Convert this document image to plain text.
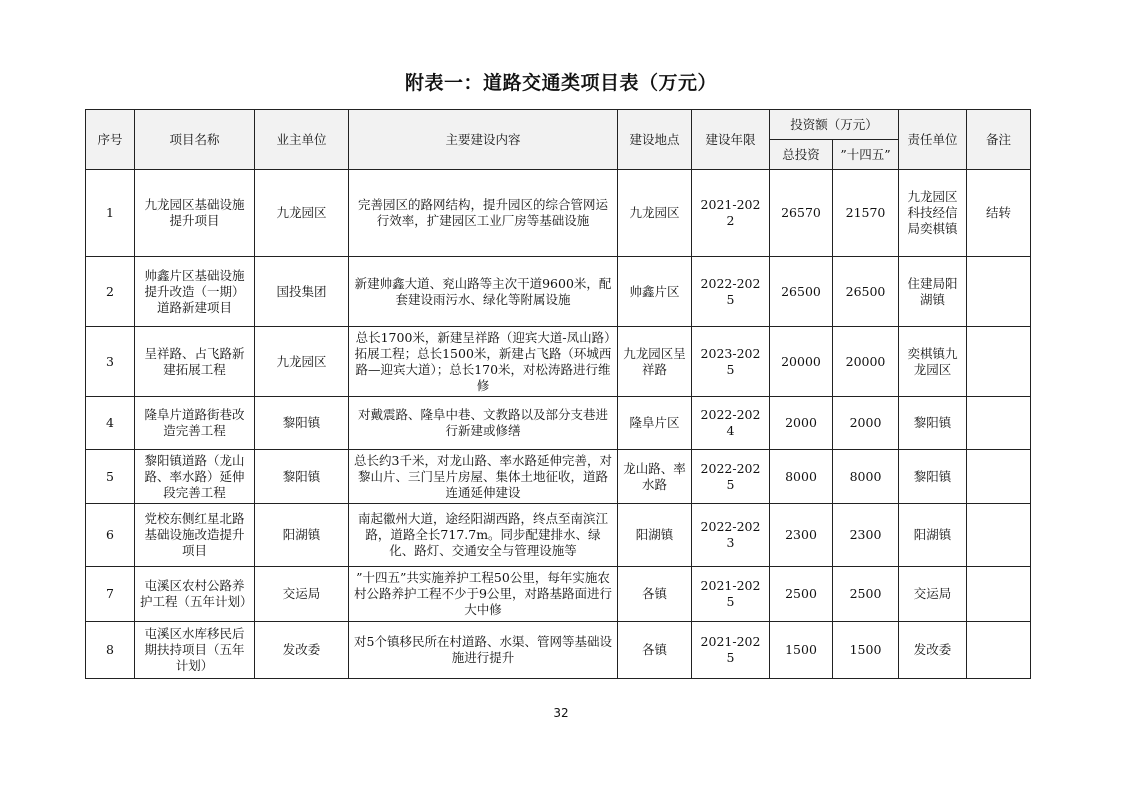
附表一：道路交通类项目表（万元）
序号	项目名称	业主单位	主要建设内容	建设地点	建设年限	投资额（万元）		责任单位	备注
						总投资	”十四五”		
1	九龙园区基础设施提升项目	九龙园区	完善园区的路网结构，提升园区的综合管网运行效率，扩建园区工业厂房等基础设施	九龙园区	2021-2022	26570	21570	九龙园区科技经信局奕棋镇	结转
2	帅鑫片区基础设施提升改造（一期）道路新建项目	国投集团	新建帅鑫大道、兖山路等主次干道9600米，配套建设雨污水、绿化等附属设施	帅鑫片区	2022-2025	26500	26500	住建局阳湖镇	
3	呈祥路、占飞路新建拓展工程	九龙园区	总长1700米，新建呈祥路（迎宾大道-凤山路）拓展工程；总长1500米，新建占飞路（环城西路—迎宾大道）；总长170米，对松涛路进行维修	九龙园区呈祥路	2023-2025	20000	20000	奕棋镇九龙园区	
4	隆阜片道路街巷改造完善工程	黎阳镇	对戴震路、隆阜中巷、文教路以及部分支巷进行新建或修缮	隆阜片区	2022-2024	2000	2000	黎阳镇	
5	黎阳镇道路（龙山路、率水路）延伸段完善工程	黎阳镇	总长约3千米，对龙山路、率水路延伸完善，对黎山片、三门呈片房屋、集体土地征收，道路连通延伸建设	龙山路、率水路	2022-2025	8000	8000	黎阳镇	
6	党校东侧红星北路基础设施改造提升项目	阳湖镇	南起徽州大道，途经阳湖西路，终点至南滨江路，道路全长717.7m。同步配建排水、绿化、路灯、交通安全与管理设施等	阳湖镇	2022-2023	2300	2300	阳湖镇	
7	屯溪区农村公路养护工程（五年计划）	交运局	”十四五”共实施养护工程50公里，每年实施农村公路养护工程不少于9公里，对路基路面进行大中修	各镇	2021-2025	2500	2500	交运局	
8	屯溪区水库移民后期扶持项目（五年计划）	发改委	对5个镇移民所在村道路、水渠、管网等基础设施进行提升	各镇	2021-2025	1500	1500	发改委	
32
